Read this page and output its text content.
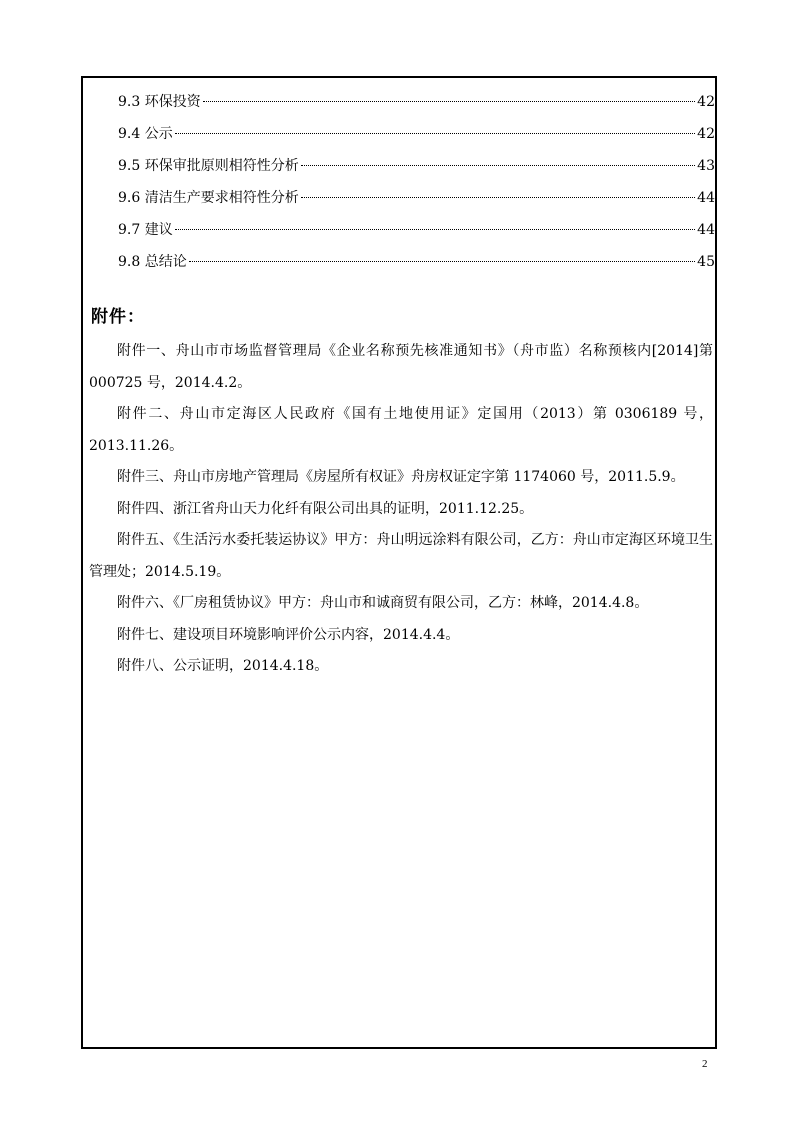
9.3 环保投资	42
9.4 公示	42
9.5 环保审批原则相符性分析	43
9.6 清洁生产要求相符性分析	44
9.7 建议	44
9.8 总结论	45
附件：

附件一、舟山市市场监督管理局《企业名称预先核准通知书》（舟市监）名称预核内[2014]第 000725 号，2014.4.2。

附件二、舟山市定海区人民政府《国有土地使用证》定国用（2013）第 0306189 号，2013.11.26。

附件三、舟山市房地产管理局《房屋所有权证》舟房权证定字第 1174060 号，2011.5.9。

附件四、浙江省舟山天力化纤有限公司出具的证明，2011.12.25。

附件五、《生活污水委托装运协议》甲方：舟山明远涂料有限公司，乙方：舟山市定海区环境卫生管理处；2014.5.19。

附件六、《厂房租赁协议》甲方：舟山市和诚商贸有限公司，乙方：林峰，2014.4.8。

附件七、建设项目环境影响评价公示内容，2014.4.4。

附件八、公示证明，2014.4.18。

2
